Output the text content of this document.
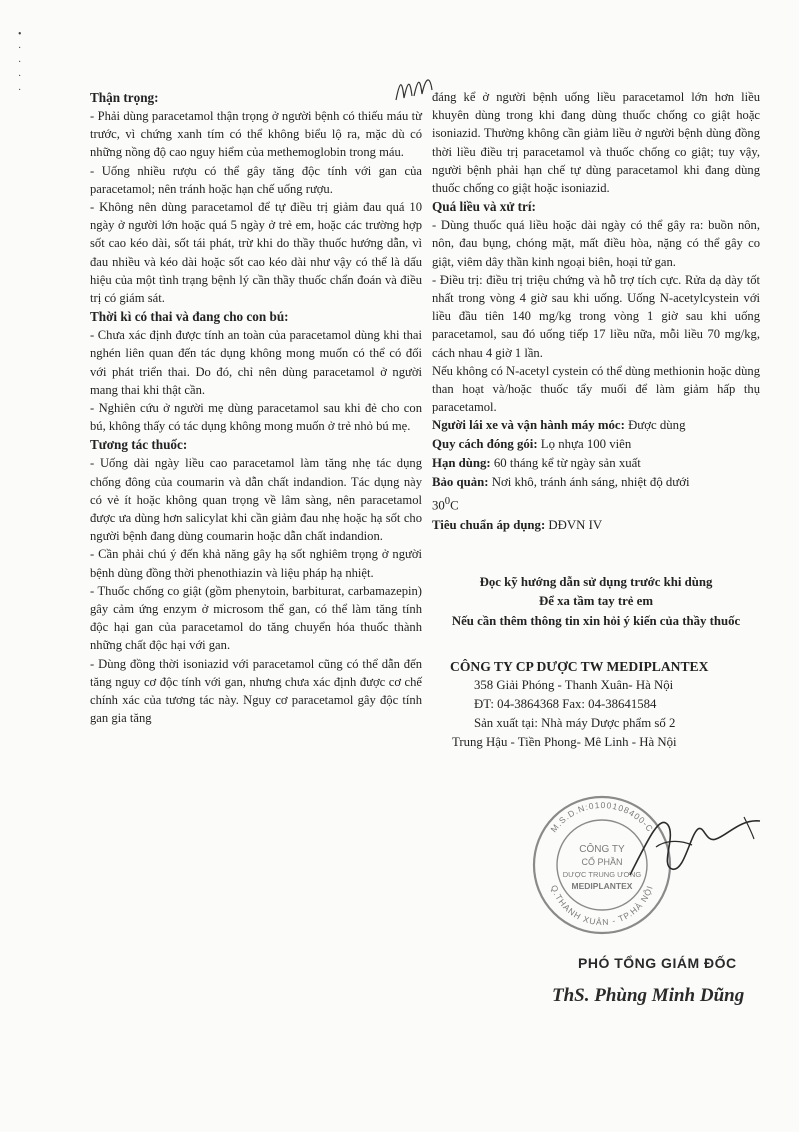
•
·
·
·
·	Thận trọng:

- Phải dùng paracetamol thận trọng ở người bệnh có thiếu máu từ trước, vì chứng xanh tím có thể không biểu lộ ra, mặc dù có những nồng độ cao nguy hiểm của methemoglobin trong máu.

- Uống nhiều rượu có thể gây tăng độc tính với gan của paracetamol; nên tránh hoặc hạn chế uống rượu.

- Không nên dùng paracetamol để tự điều trị giảm đau quá 10 ngày ở người lớn hoặc quá 5 ngày ở trẻ em, hoặc các trường hợp sốt cao kéo dài, sốt tái phát, trừ khi do thầy thuốc hướng dẫn, vì đau nhiều và kéo dài hoặc sốt cao kéo dài như vậy có thể là dấu hiệu của một tình trạng bệnh lý cần thầy thuốc chẩn đoán và điều trị có giám sát.

Thời kì có thai và đang cho con bú:

- Chưa xác định được tính an toàn của paracetamol dùng khi thai nghén liên quan đến tác dụng không mong muốn có thể có đối với phát triển thai. Do đó, chỉ nên dùng paracetamol ở người mang thai khi thật cần.

- Nghiên cứu ở người mẹ dùng paracetamol sau khi đẻ cho con bú, không thấy có tác dụng không mong muốn ở trẻ nhỏ bú mẹ.

Tương tác thuốc:

- Uống dài ngày liều cao paracetamol làm tăng nhẹ tác dụng chống đông của coumarin và dẫn chất indandion. Tác dụng này có vẻ ít hoặc không quan trọng về lâm sàng, nên paracetamol được ưa dùng hơn salicylat khi cần giảm đau nhẹ hoặc hạ sốt cho người bệnh đang dùng coumarin hoặc dẫn chất indandion.

- Cần phải chú ý đến khả năng gây hạ sốt nghiêm trọng ở người bệnh dùng đồng thời phenothiazin và liệu pháp hạ nhiệt.

- Thuốc chống co giật (gồm phenytoin, barbiturat, carbamazepin) gây cảm ứng enzym ở microsom thể gan, có thể làm tăng tính độc hại gan của paracetamol do tăng chuyển hóa thuốc thành những chất độc hại với gan.

- Dùng đồng thời isoniazid với paracetamol cũng có thể dẫn đến tăng nguy cơ độc tính với gan, nhưng chưa xác định được cơ chế chính xác của tương tác này. Nguy cơ paracetamol gây độc tính gan gia tăng

đáng kể ở người bệnh uống liều paracetamol lớn hơn liều khuyên dùng trong khi đang dùng thuốc chống co giật hoặc isoniazid. Thường không cần giảm liều ở người bệnh dùng đồng thời liều điều trị paracetamol và thuốc chống co giật; tuy vậy, người bệnh phải hạn chế tự dùng paracetamol khi đang dùng thuốc chống co giật hoặc isoniazid.

Quá liều và xử trí:

- Dùng thuốc quá liều hoặc dài ngày có thể gây ra: buồn nôn, nôn, đau bụng, chóng mặt, mất điều hòa, nặng có thể gây co giật, viêm dây thần kinh ngoại biên, hoại tử gan.

- Điều trị: điều trị triệu chứng và hỗ trợ tích cực. Rửa dạ dày tốt nhất trong vòng 4 giờ sau khi uống. Uống N-acetylcystein với liều đầu tiên 140 mg/kg trong vòng 1 giờ sau khi uống paracetamol, sau đó uống tiếp 17 liều nữa, mỗi liều 70 mg/kg, cách nhau 4 giờ 1 lần.

Nếu không có N-acetyl cystein có thể dùng methionin hoặc dùng than hoạt và/hoặc thuốc tẩy muối để làm giảm hấp thụ paracetamol.

Người lái xe và vận hành máy móc: Được dùng
Quy cách đóng gói: Lọ nhựa 100 viên
Hạn dùng: 60 tháng kể từ ngày sản xuất
Bảo quản: Nơi khô, tránh ánh sáng, nhiệt độ dưới
$30^0C$
Tiêu chuẩn áp dụng: DĐVN IV
Đọc kỹ hướng dẫn sử dụng trước khi dùng
Để xa tầm tay trẻ em
Nếu cần thêm thông tin xin hỏi ý kiến của thầy thuốc
CÔNG TY CP DƯỢC TW MEDIPLANTEX
358 Giải Phóng - Thanh Xuân- Hà Nội
ĐT: 04-3864368 Fax: 04-38641584
Sản xuất tại: Nhà máy Dược phẩm số 2
Trung Hậu - Tiền Phong- Mê Linh - Hà Nội
M.S.D.N:0100108400-C
Q.THANH XUÂN - TP.HÀ NỘI
CÔNG TY
CỔ PHẦN
DƯỢC TRUNG ƯƠNG
MEDIPLANTEX
PHÓ TỔNG GIÁM ĐỐC
ThS. Phùng Minh Dũng
